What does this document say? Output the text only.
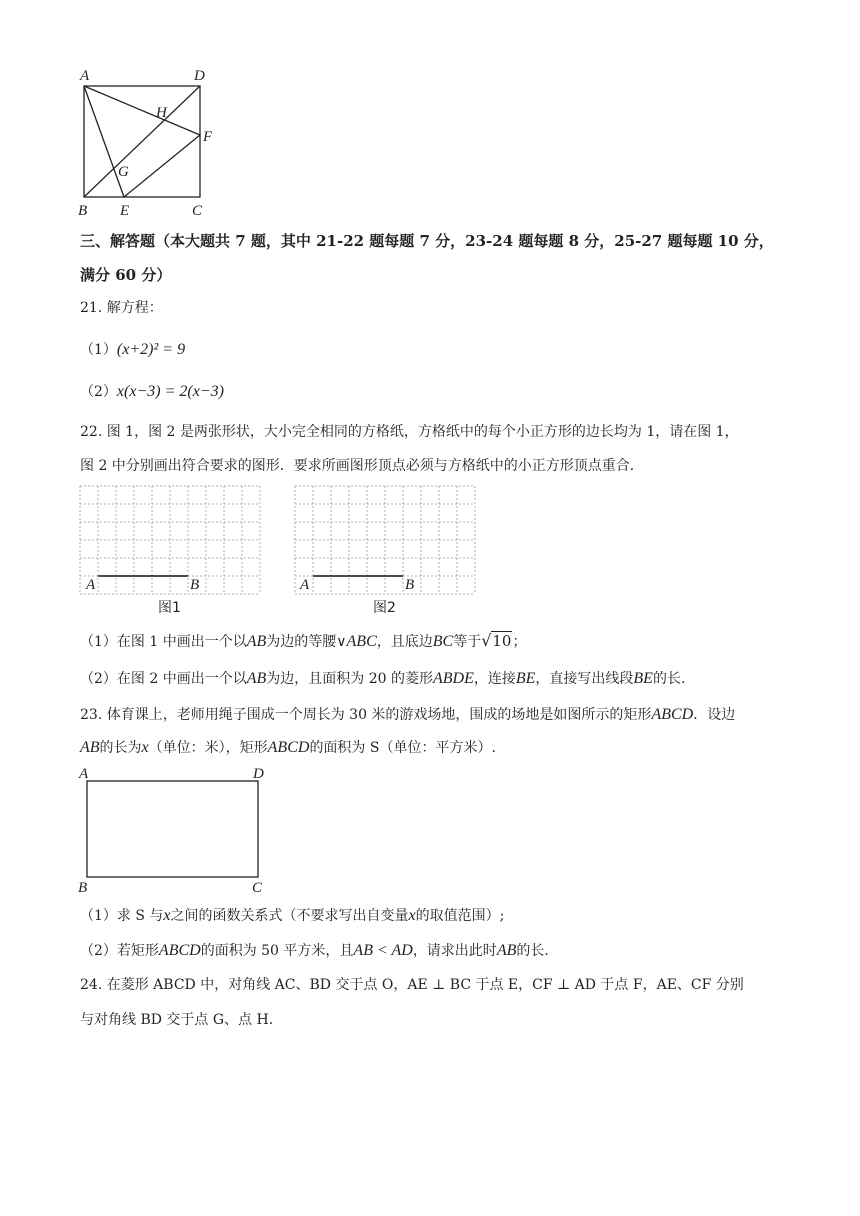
A	D
H
F
G
B E	C
三、解答题（本大题共 7 题，其中 21-22 题每题 7 分，23-24 题每题 8 分，25-27 题每题 10 分，
满分 60 分）
21. 解方程：
（1）(x+2)² = 9
（2）x(x−3) = 2(x−3)
22. 图 1，图 2 是两张形状，大小完全相同的方格纸，方格纸中的每个小正方形的边长均为 1，请在图 1，
图 2 中分别画出符合要求的图形．要求所画图形顶点必须与方格纸中的小正方形顶点重合．
A	B
图1
A	B
图2
（1）在图 1 中画出一个以AB为边的等腰∨ABC，且底边BC等于√10；
（2）在图 2 中画出一个以AB为边，且面积为 20 的菱形ABDE，连接BE，直接写出线段BE的长.
23. 体育课上，老师用绳子围成一个周长为 30 米的游戏场地，围成的场地是如图所示的矩形ABCD．设边
AB的长为x（单位：米），矩形ABCD的面积为 S（单位：平方米）.
A	D
B	C
（1）求 S 与x之间的函数关系式（不要求写出自变量x的取值范围）;
（2）若矩形ABCD的面积为 50 平方米，且AB < AD，请求出此时AB的长.
24. 在菱形 ABCD 中，对角线 AC、BD 交于点 O，AE ⊥ BC 于点 E，CF ⊥ AD 于点 F，AE、CF 分别
与对角线 BD 交于点 G、点 H.
